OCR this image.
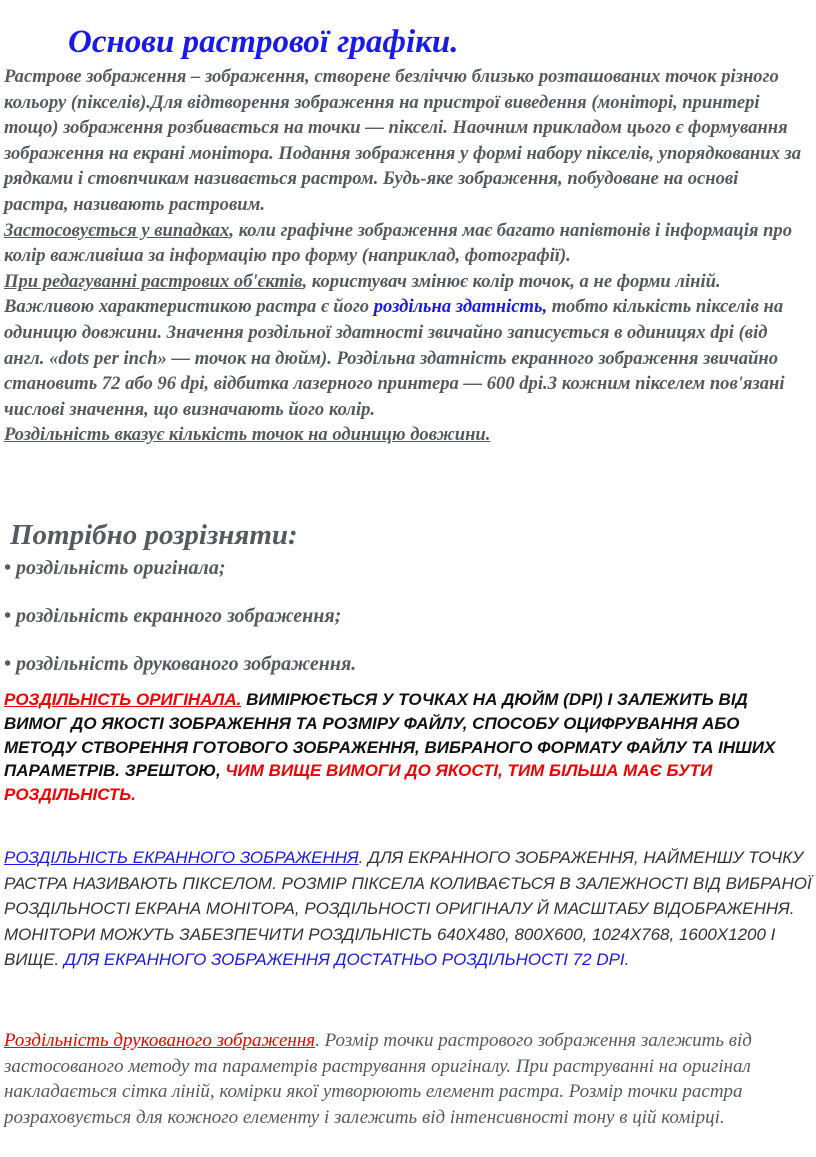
Основи растрової графіки.

Растрове зображення – зображення, створене безліччю близько розташованих точок різного кольору (пікселів).Для відтворення зображення на пристрої виведення (моніторі, принтері тощо) зображення розбивається на точки — пікселі. Наочним прикладом цього є формування зображення на екрані монітора. Подання зображення у формі набору пікселів, упорядкованих за рядками і стовпчикам називається растром. Будь-яке зображення, побудоване на основі растра, називають растровим.

Застосовується у випадках, коли графічне зображення має багато напівтонів і інформація про колір важливіша за інформацію про форму (наприклад, фотографії).

При редагуванні растрових об'єктів, користувач змінює колір точок, а не форми ліній. Важливою характеристикою растра є його роздільна здатність, тобто кількість пікселів на одиницю довжини. Значення роздільної здатності звичайно записується в одиницях dpi (від англ. «dots per inch» — точок на дюйм). Роздільна здатність екранного зображення звичайно становить 72 або 96 dpi, відбитка лазерного принтера — 600 dpi.З кожним пікселем пов'язані числові значення, що визначають його колір.

Роздільність вказує кількість точок на одиницю довжини.

Потрібно розрізняти:
• роздільність оригінала;
• роздільність екранного зображення;
• роздільність друкованого зображення.
РОЗДІЛЬНІСТЬ ОРИГІНАЛА. ВИМІРЮЄТЬСЯ У ТОЧКАХ НА ДЮЙМ (DPI) І ЗАЛЕЖИТЬ ВІД ВИМОГ ДО ЯКОСТІ ЗОБРАЖЕННЯ ТА РОЗМІРУ ФАЙЛУ, СПОСОБУ ОЦИФРУВАННЯ АБО МЕТОДУ СТВОРЕННЯ ГОТОВОГО ЗОБРАЖЕННЯ, ВИБРАНОГО ФОРМАТУ ФАЙЛУ ТА ІНШИХ ПАРАМЕТРІВ. ЗРЕШТОЮ, ЧИМ ВИЩЕ ВИМОГИ ДО ЯКОСТІ, ТИМ БІЛЬША МАЄ БУТИ РОЗДІЛЬНІСТЬ.
РОЗДІЛЬНІСТЬ ЕКРАННОГО ЗОБРАЖЕННЯ. ДЛЯ ЕКРАННОГО ЗОБРАЖЕННЯ, НАЙМЕНШУ ТОЧКУ РАСТРА НАЗИВАЮТЬ ПІКСЕЛОМ. РОЗМІР ПІКСЕЛА КОЛИВАЄТЬСЯ В ЗАЛЕЖНОСТІ ВІД ВИБРАНОЇ РОЗДІЛЬНОСТІ ЕКРАНА МОНІТОРА, РОЗДІЛЬНОСТІ ОРИГІНАЛУ Й МАСШТАБУ ВІДОБРАЖЕННЯ. МОНІТОРИ МОЖУТЬ ЗАБЕЗПЕЧИТИ РОЗДІЛЬНІСТЬ 640Х480, 800Х600, 1024Х768, 1600Х1200 І ВИЩЕ. ДЛЯ ЕКРАННОГО ЗОБРАЖЕННЯ ДОСТАТНЬО РОЗДІЛЬНОСТІ 72 DPI.
Роздільність друкованого зображення. Розмір точки растрового зображення залежить від застосованого методу та параметрів растрування оригіналу. При раструванні на оригінал накладається сітка ліній, комірки якої утворюють елемент растра. Розмір точки растра розраховується для кожного елементу і залежить від інтенсивності тону в цій комірці.
